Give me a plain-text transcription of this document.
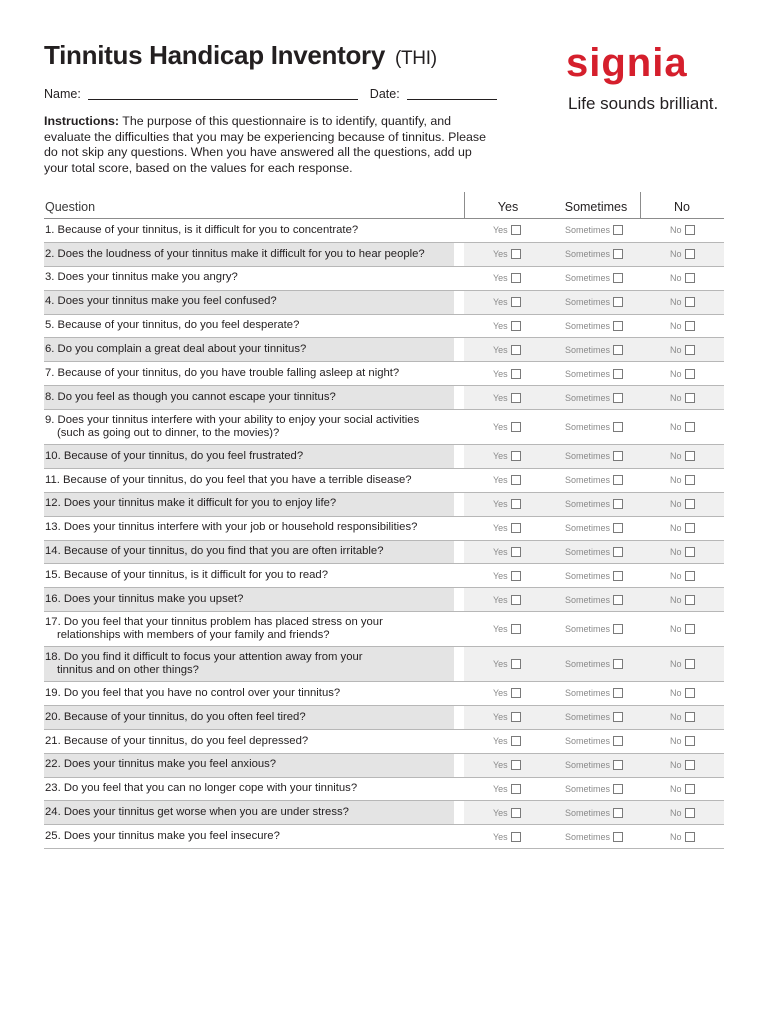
Tinnitus Handicap Inventory (THI)
Name:	Date:
Instructions: The purpose of this questionnaire is to identify, quantify, and evaluate the difficulties that you may be experiencing because of tinnitus. Please do not skip any questions. When you have answered all the questions, add up your total score, based on the values for each response.
signia
Life sounds brilliant.
Question	Yes	Sometimes	No
1. Because of your tinnitus, is it difficult for you to concentrate?	Yes	Sometimes	No
2. Does the loudness of your tinnitus make it difficult for you to hear people?	Yes	Sometimes	No
3. Does your tinnitus make you angry?	Yes	Sometimes	No
4. Does your tinnitus make you feel confused?	Yes	Sometimes	No
5. Because of your tinnitus, do you feel desperate?	Yes	Sometimes	No
6. Do you complain a great deal about your tinnitus?	Yes	Sometimes	No
7. Because of your tinnitus, do you have trouble falling asleep at night?	Yes	Sometimes	No
8. Do you feel as though you cannot escape your tinnitus?	Yes	Sometimes	No
9. Does your tinnitus interfere with your ability to enjoy your social activities
(such as going out to dinner, to the movies)?	Yes	Sometimes	No
10. Because of your tinnitus, do you feel frustrated?	Yes	Sometimes	No
11. Because of your tinnitus, do you feel that you have a terrible disease?	Yes	Sometimes	No
12. Does your tinnitus make it difficult for you to enjoy life?	Yes	Sometimes	No
13. Does your tinnitus interfere with your job or household responsibilities?	Yes	Sometimes	No
14. Because of your tinnitus, do you find that you are often irritable?	Yes	Sometimes	No
15. Because of your tinnitus, is it difficult for you to read?	Yes	Sometimes	No
16. Does your tinnitus make you upset?	Yes	Sometimes	No
17. Do you feel that your tinnitus problem has placed stress on your
relationships with members of your family and friends?	Yes	Sometimes	No
18. Do you find it difficult to focus your attention away from your
tinnitus and on other things?	Yes	Sometimes	No
19. Do you feel that you have no control over your tinnitus?	Yes	Sometimes	No
20. Because of your tinnitus, do you often feel tired?	Yes	Sometimes	No
21. Because of your tinnitus, do you feel depressed?	Yes	Sometimes	No
22. Does your tinnitus make you feel anxious?	Yes	Sometimes	No
23. Do you feel that you can no longer cope with your tinnitus?	Yes	Sometimes	No
24. Does your tinnitus get worse when you are under stress?	Yes	Sometimes	No
25. Does your tinnitus make you feel insecure?	Yes	Sometimes	No
